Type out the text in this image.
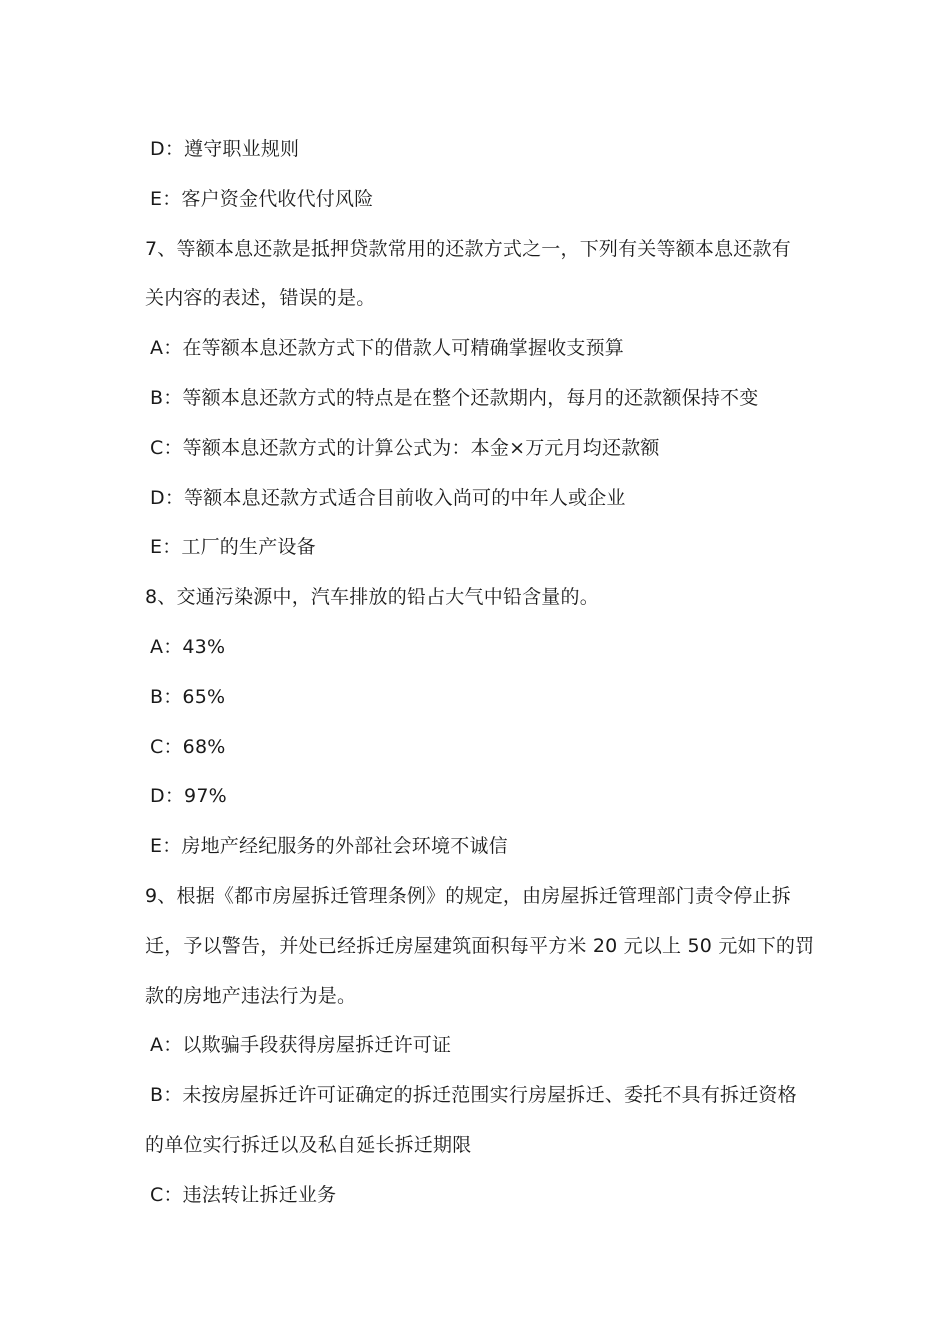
D：遵守职业规则
E：客户资金代收代付风险
7、等额本息还款是抵押贷款常用的还款方式之一，下列有关等额本息还款有
关内容的表述，错误的是。
A：在等额本息还款方式下的借款人可精确掌握收支预算
B：等额本息还款方式的特点是在整个还款期内，每月的还款额保持不变
C：等额本息还款方式的计算公式为：本金×万元月均还款额
D：等额本息还款方式适合目前收入尚可的中年人或企业
E：工厂的生产设备
8、交通污染源中，汽车排放的铅占大气中铅含量的。
A：43%
B：65%
C：68%
D：97%
E：房地产经纪服务的外部社会环境不诚信
9、根据《都市房屋拆迁管理条例》的规定，由房屋拆迁管理部门责令停止拆
迁，予以警告，并处已经拆迁房屋建筑面积每平方米 20 元以上 50 元如下的罚
款的房地产违法行为是。
A：以欺骗手段获得房屋拆迁许可证
B：未按房屋拆迁许可证确定的拆迁范围实行房屋拆迁、委托不具有拆迁资格
的单位实行拆迁以及私自延长拆迁期限
C：违法转让拆迁业务
